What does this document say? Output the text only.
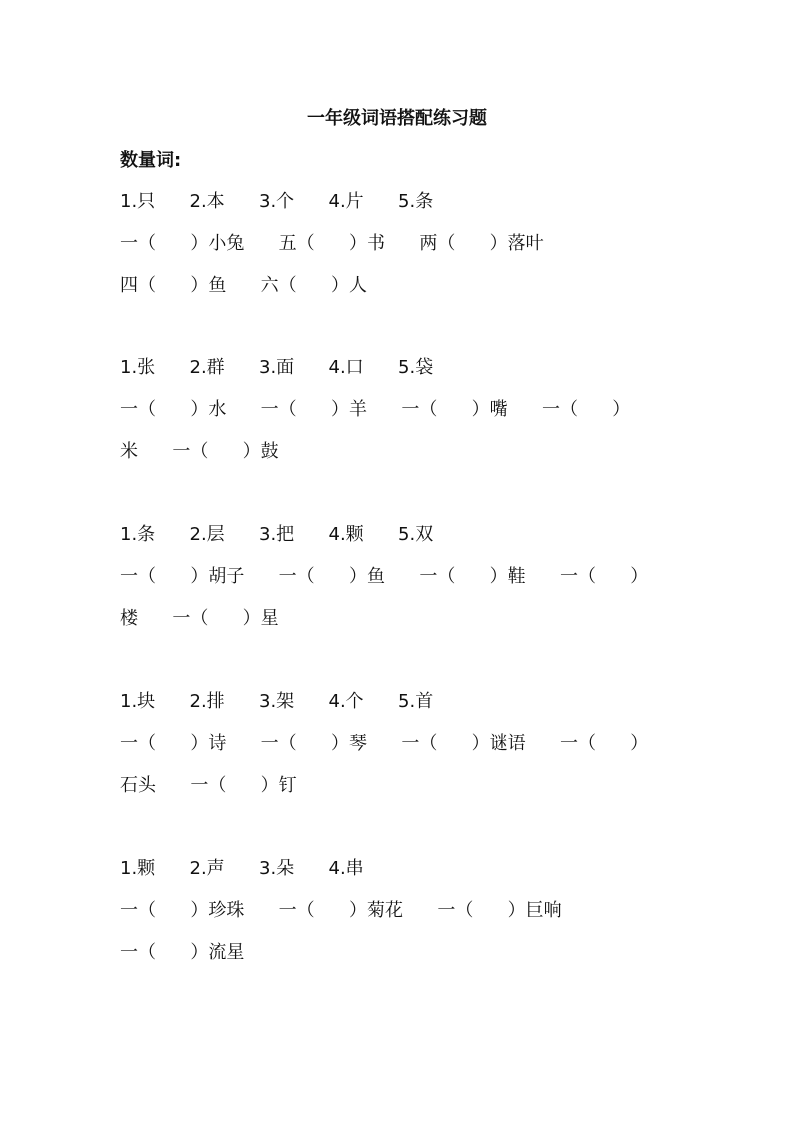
一年级词语搭配练习题
数量词:
1.只      2.本      3.个      4.片      5.条
一（      ）小兔      五（      ）书      两（      ）落叶
四（      ）鱼      六（      ）人
1.张      2.群      3.面      4.口      5.袋
一（      ）水      一（      ）羊      一（      ）嘴      一（      ）
米      一（      ）鼓
1.条      2.层      3.把      4.颗      5.双
一（      ）胡子      一（      ）鱼      一（      ）鞋      一（      ）
楼      一（      ）星
1.块      2.排      3.架      4.个      5.首
一（      ）诗      一（      ）琴      一（      ）谜语      一（      ）
石头      一（      ）钉
1.颗      2.声      3.朵      4.串
一（      ）珍珠      一（      ）菊花      一（      ）巨响
一（      ）流星
